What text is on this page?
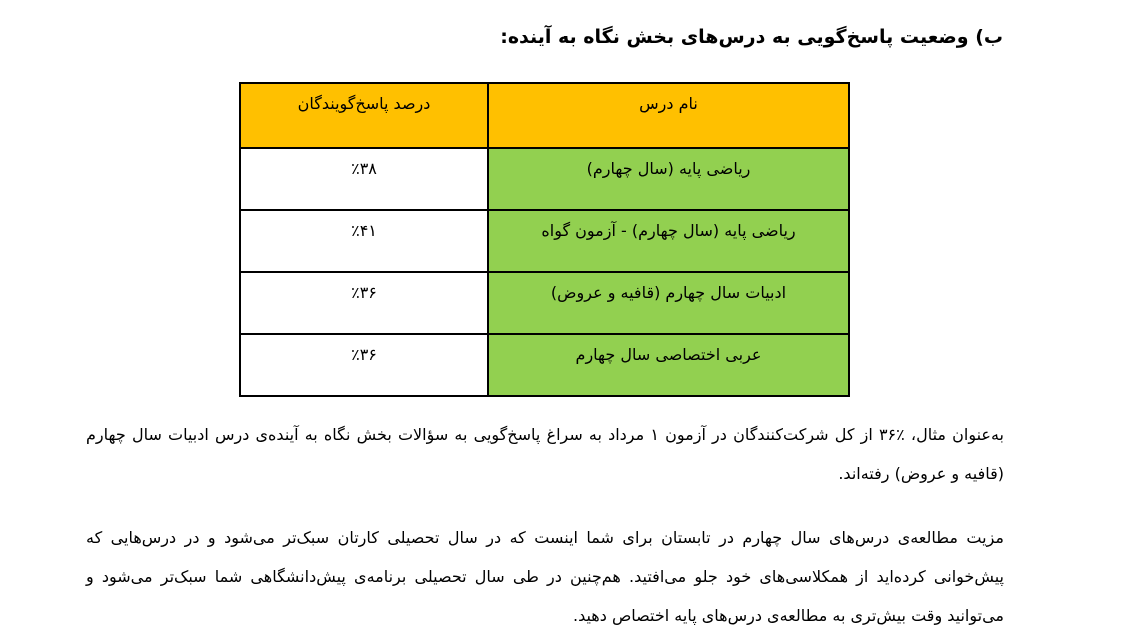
ب) وضعیت پاسخ‌گویی به درس‌های بخش نگاه به آینده:
نام درس	درصد پاسخ‌گویندگان
ریاضی پایه (سال چهارم)	٪۳۸
ریاضی پایه (سال چهارم) - آزمون گواه	٪۴۱
ادبیات سال چهارم (قافیه و عروض)	٪۳۶
عربی اختصاصی سال چهارم	٪۳۶

به‌عنوان مثال، ٪۳۶ از کل شرکت‌کنندگان در آزمون ۱ مرداد به سراغ پاسخ‌گویی به سؤالات بخش نگاه به آینده‌ی درس ادبیات سال چهارم (قافیه و عروض) رفته‌اند.

مزیت مطالعه‌ی درس‌های سال چهارم در تابستان برای شما اینست که در سال تحصیلی کارتان سبک‌تر می‌شود و در درس‌هایی که پیش‌خوانی کرده‌اید از همکلاسی‌های خود جلو می‌افتید. هم‌چنین در طی سال تحصیلی برنامه‌ی پیش‌دانشگاهی شما سبک‌تر می‌شود و می‌توانید وقت بیش‌تری به مطالعه‌ی درس‌های پایه اختصاص دهید.
